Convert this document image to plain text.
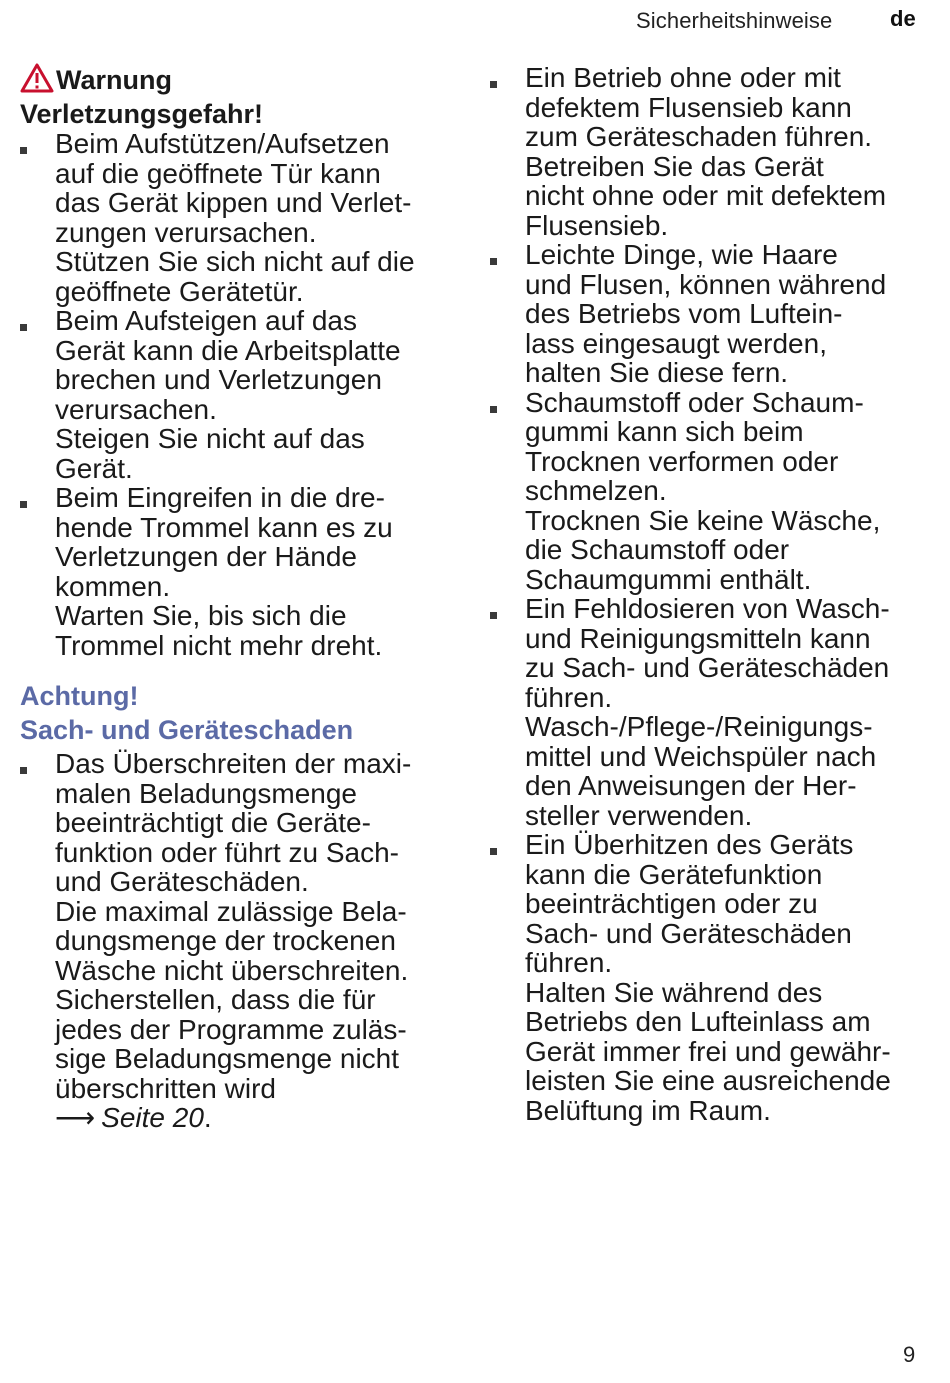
Sicherheitshinweise	de
Warnung
Verletzungsgefahr!
Beim Aufstützen/Aufsetzen
auf die geöffnete Tür kann
das Gerät kippen und Verlet-
zungen verursachen.
Stützen Sie sich nicht auf die
geöffnete Gerätetür.
Beim Aufsteigen auf das
Gerät kann die Arbeitsplatte
brechen und Verletzungen
verursachen.
Steigen Sie nicht auf das
Gerät.
Beim Eingreifen in die dre-
hende Trommel kann es zu
Verletzungen der Hände
kommen.
Warten Sie, bis sich die
Trommel nicht mehr dreht.
Achtung!
Sach- und Geräteschaden
Das Überschreiten der maxi-
malen Beladungsmenge
beeinträchtigt die Geräte-
funktion oder führt zu Sach-
und Geräteschäden.
Die maximal zulässige Bela-
dungsmenge der trockenen
Wäsche nicht überschreiten.
Sicherstellen, dass die für
jedes der Programme zuläs-
sige Beladungsmenge nicht
überschritten wird
⟶ Seite 20.
Ein Betrieb ohne oder mit
defektem Flusensieb kann
zum Geräteschaden führen.
Betreiben Sie das Gerät
nicht ohne oder mit defektem
Flusensieb.
Leichte Dinge, wie Haare
und Flusen, können während
des Betriebs vom Luftein-
lass eingesaugt werden,
halten Sie diese fern.
Schaumstoff oder Schaum-
gummi kann sich beim
Trocknen verformen oder
schmelzen.
Trocknen Sie keine Wäsche,
die Schaumstoff oder
Schaumgummi enthält.
Ein Fehldosieren von Wasch-
und Reinigungsmitteln kann
zu Sach- und Geräteschäden
führen.
Wasch-/Pflege-/Reinigungs-
mittel und Weichspüler nach
den Anweisungen der Her-
steller verwenden.
Ein Überhitzen des Geräts
kann die Gerätefunktion
beeinträchtigen oder zu
Sach- und Geräteschäden
führen.
Halten Sie während des
Betriebs den Lufteinlass am
Gerät immer frei und gewähr-
leisten Sie eine ausreichende
Belüftung im Raum.
9
